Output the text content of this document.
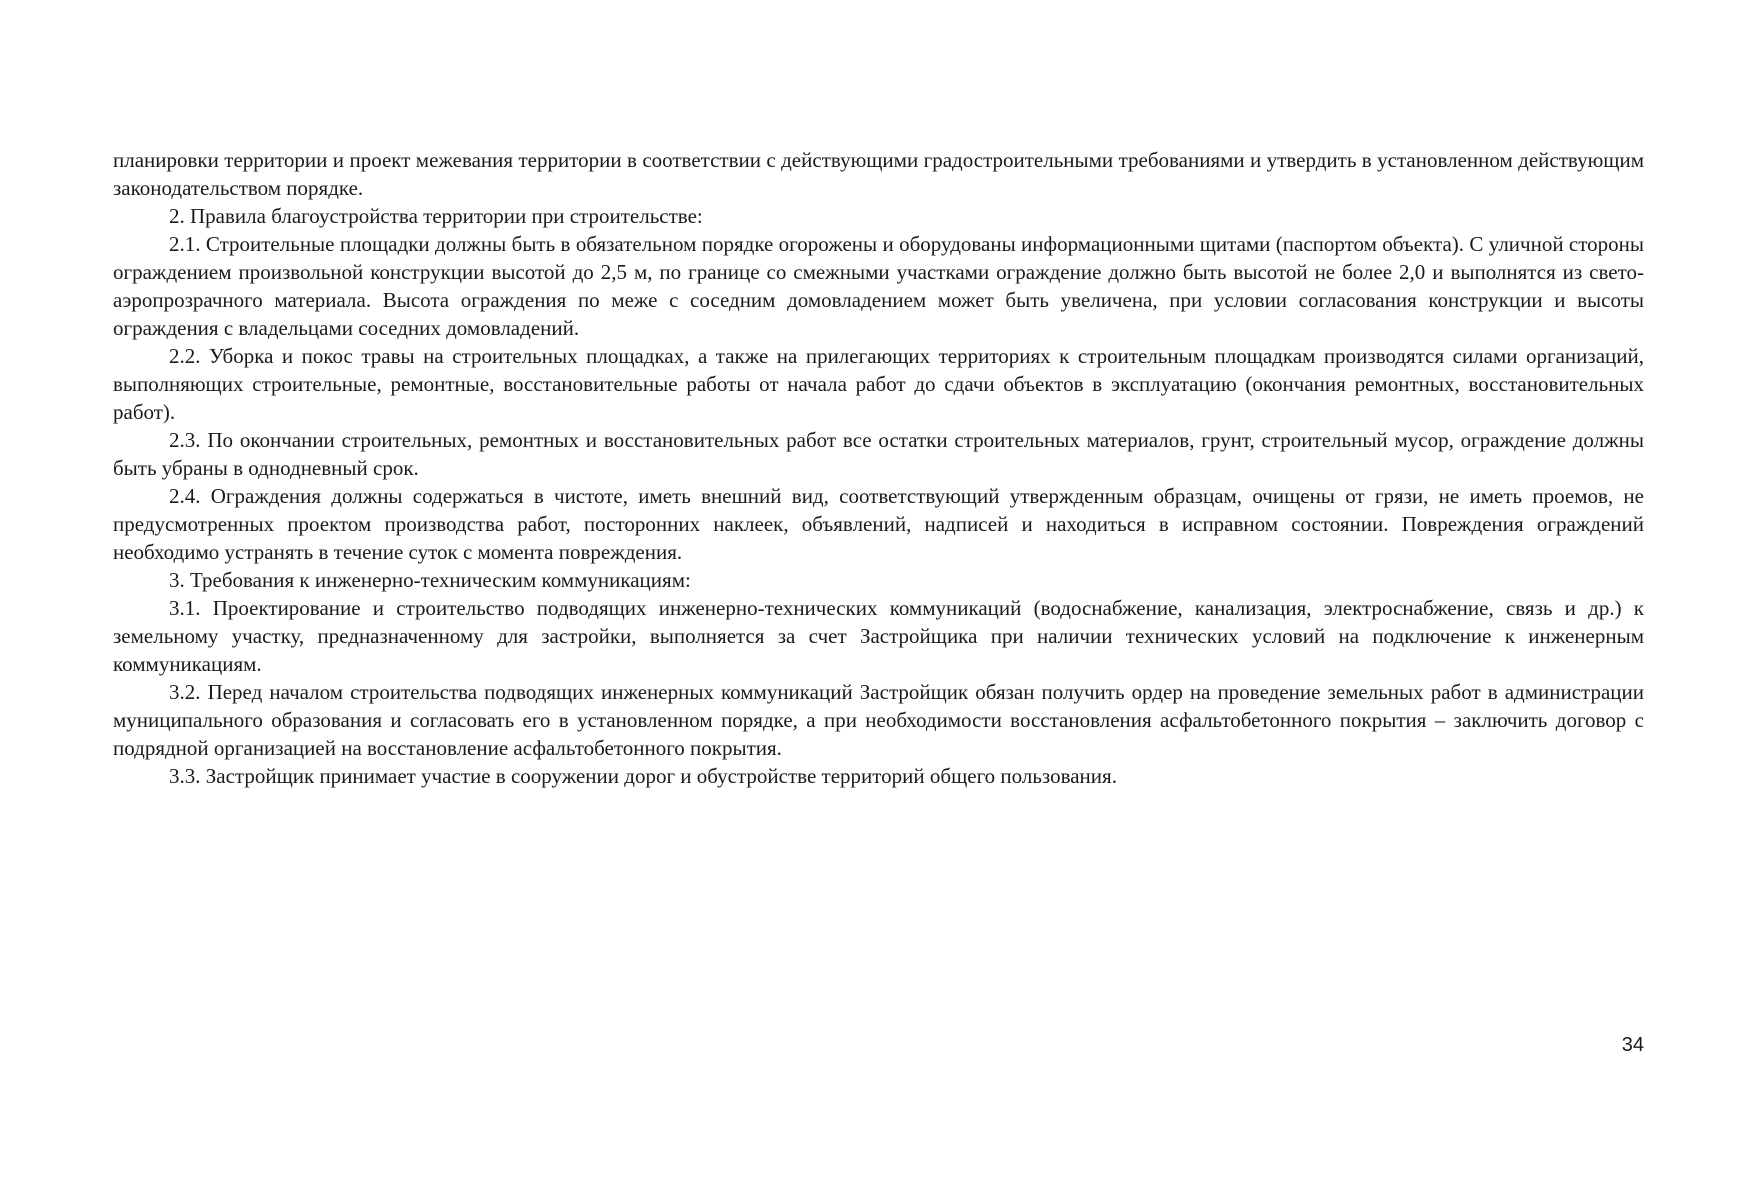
планировки территории и проект межевания территории в соответствии с действующими градостроительными требованиями и утвердить в установленном действующим законодательством порядке.

2. Правила благоустройства территории при строительстве:

2.1. Строительные площадки должны быть в обязательном порядке огорожены и оборудованы информационными щитами (паспортом объекта). С уличной стороны ограждением произвольной конструкции высотой до 2,5 м, по границе со смежными участками ограждение должно быть высотой не более 2,0 и выполнятся из свето-аэропрозрачного материала. Высота ограждения по меже с соседним домовладением может быть увеличена, при условии согласования конструкции и высоты ограждения с владельцами соседних домовладений.

2.2. Уборка и покос травы на строительных площадках, а также на прилегающих территориях к строительным площадкам производятся силами организаций, выполняющих строительные, ремонтные, восстановительные работы от начала работ до сдачи объектов в эксплуатацию (окончания ремонтных, восстановительных работ).

2.3. По окончании строительных, ремонтных и восстановительных работ все остатки строительных материалов, грунт, строительный мусор, ограждение должны быть убраны в однодневный срок.

2.4. Ограждения должны содержаться в чистоте, иметь внешний вид, соответствующий утвержденным образцам, очищены от грязи, не иметь проемов, не предусмотренных проектом производства работ, посторонних наклеек, объявлений, надписей и находиться в исправном состоянии. Повреждения ограждений необходимо устранять в течение суток с момента повреждения.

3. Требования к инженерно-техническим коммуникациям:

3.1. Проектирование и строительство подводящих инженерно-технических коммуникаций (водоснабжение, канализация, электроснабжение, связь и др.) к земельному участку, предназначенному для застройки, выполняется за счет Застройщика при наличии технических условий на подключение к инженерным коммуникациям.

3.2. Перед началом строительства подводящих инженерных коммуникаций Застройщик обязан получить ордер на проведение земельных работ в администрации муниципального образования и согласовать его в установленном порядке, а при необходимости восстановления асфальтобетонного покрытия – заключить договор с подрядной организацией на восстановление асфальтобетонного покрытия.

3.3. Застройщик принимает участие в сооружении дорог и обустройстве территорий общего пользования.

34
